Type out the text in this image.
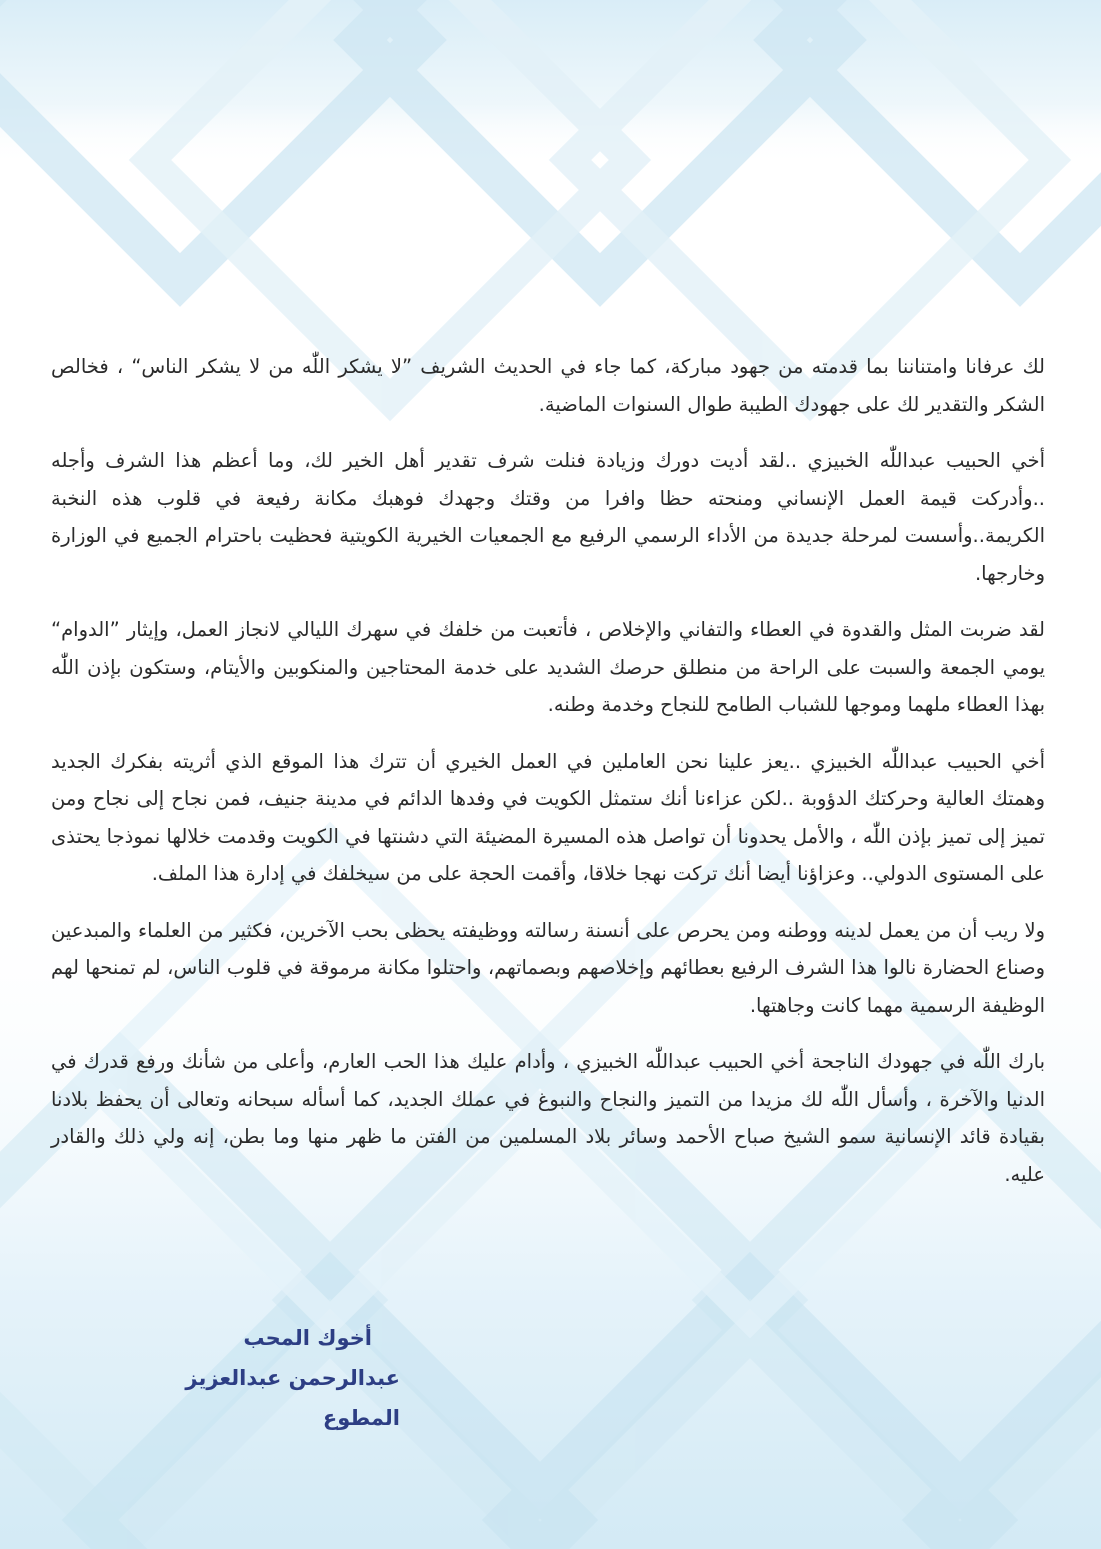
لك عرفانا وامتناننا بما قدمته من جهود مباركة، كما جاء في الحديث الشريف ”لا يشكر اللّٰه من لا يشكر الناس“ ، فخالص الشكر والتقدير لك على جهودك الطيبة طوال السنوات الماضية.

أخي الحبيب عبداللّٰه الخبيزي ..لقد أديت دورك وزيادة فنلت شرف تقدير أهل الخير لك، وما أعظم هذا الشرف وأجله ..وأدركت قيمة العمل الإنساني ومنحته حظا وافرا من وقتك وجهدك فوهبك مكانة رفيعة في قلوب هذه النخبة الكريمة..وأسست لمرحلة جديدة من الأداء الرسمي الرفيع مع الجمعيات الخيرية الكويتية فحظيت باحترام الجميع في الوزارة وخارجها.

لقد ضربت المثل والقدوة في العطاء والتفاني والإخلاص ، فأتعبت من خلفك في سهرك الليالي لانجاز العمل، وإيثار ”الدوام“ يومي الجمعة والسبت على الراحة من منطلق حرصك الشديد على خدمة المحتاجين والمنكوبين والأيتام، وستكون بإذن اللّٰه بهذا العطاء ملهما وموجها للشباب الطامح للنجاح وخدمة وطنه.

أخي الحبيب عبداللّٰه الخبيزي ..يعز علينا نحن العاملين في العمل الخيري أن تترك هذا الموقع الذي أثريته بفكرك الجديد وهمتك العالية وحركتك الدؤوبة ..لكن عزاءنا أنك ستمثل الكويت في وفدها الدائم في مدينة جنيف، فمن نجاح إلى نجاح ومن تميز إلى تميز بإذن اللّٰه ، والأمل يحدونا أن تواصل هذه المسيرة المضيئة التي دشنتها في الكويت وقدمت خلالها نموذجا يحتذى على المستوى الدولي.. وعزاؤنا أيضا أنك تركت نهجا خلاقا، وأقمت الحجة على من سيخلفك في إدارة هذا الملف.

ولا ريب أن من يعمل لدينه ووطنه ومن يحرص على أنسنة رسالته ووظيفته يحظى بحب الآخرين، فكثير من العلماء والمبدعين وصناع الحضارة نالوا هذا الشرف الرفيع بعطائهم وإخلاصهم وبصماتهم، واحتلوا مكانة مرموقة في قلوب الناس، لم تمنحها لهم الوظيفة الرسمية مهما كانت وجاهتها.

بارك اللّٰه في جهودك الناجحة أخي الحبيب عبداللّٰه الخبيزي ، وأدام عليك هذا الحب العارم، وأعلى من شأنك ورفع قدرك في الدنيا والآخرة ، وأسأل اللّٰه لك مزيدا من التميز والنجاح والنبوغ في عملك الجديد، كما أسأله سبحانه وتعالى أن يحفظ بلادنا بقيادة قائد الإنسانية سمو الشيخ صباح الأحمد وسائر بلاد المسلمين من الفتن ما ظهر منها وما بطن، إنه ولي ذلك والقادر عليه.

أخوك المحب
عبدالرحمن عبدالعزيز المطوع
